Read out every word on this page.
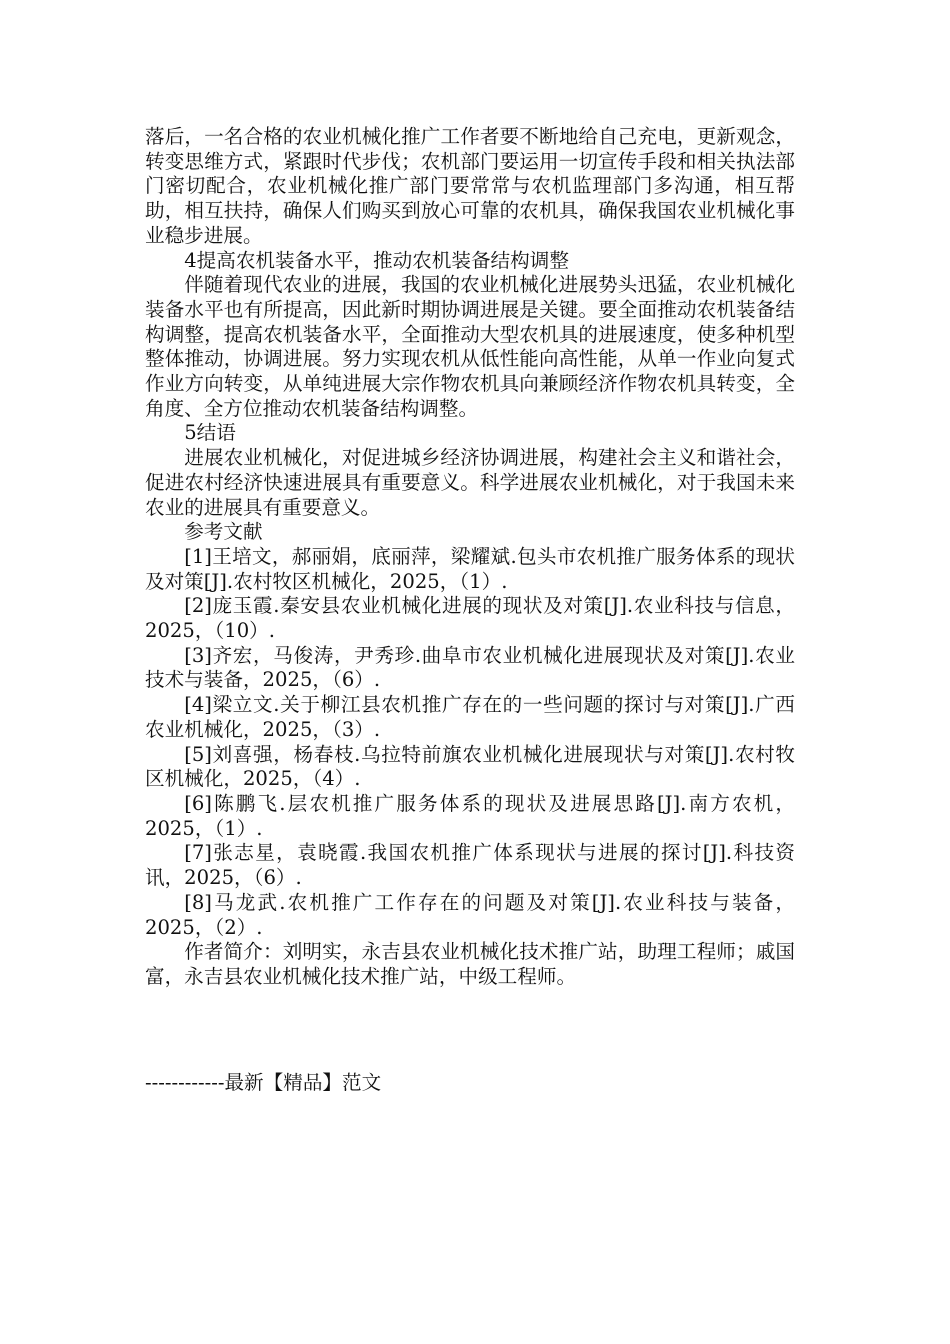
落后，一名合格的农业机械化推广工作者要不断地给自己充电，更新观念，转变思维方式，紧跟时代步伐；农机部门要运用一切宣传手段和相关执法部门密切配合，农业机械化推广部门要常常与农机监理部门多沟通，相互帮助，相互扶持，确保人们购买到放心可靠的农机具，确保我国农业机械化事业稳步进展。

4提高农机装备水平，推动农机装备结构调整

伴随着现代农业的进展，我国的农业机械化进展势头迅猛，农业机械化装备水平也有所提高，因此新时期协调进展是关键。要全面推动农机装备结构调整，提高农机装备水平，全面推动大型农机具的进展速度，使多种机型整体推动，协调进展。努力实现农机从低性能向高性能，从单一作业向复式作业方向转变，从单纯进展大宗作物农机具向兼顾经济作物农机具转变，全角度、全方位推动农机装备结构调整。

5结语

进展农业机械化，对促进城乡经济协调进展，构建社会主义和谐社会，促进农村经济快速进展具有重要意义。科学进展农业机械化，对于我国未来农业的进展具有重要意义。

参考文献

[1]王培文，郝丽娟，底丽萍，梁耀斌.包头市农机推广服务体系的现状及对策[J].农村牧区机械化，2025，（1）.

[2]庞玉霞.秦安县农业机械化进展的现状及对策[J].农业科技与信息，2025，（10）.

[3]齐宏，马俊涛，尹秀珍.曲阜市农业机械化进展现状及对策[J].农业技术与装备，2025，（6）.

[4]梁立文.关于柳江县农机推广存在的一些问题的探讨与对策[J].广西农业机械化，2025，（3）.

[5]刘喜强，杨春枝.乌拉特前旗农业机械化进展现状与对策[J].农村牧区机械化，2025，（4）.

[6]陈鹏飞.层农机推广服务体系的现状及进展思路[J].南方农机， 2025，（1）.

[7]张志星，袁晓霞.我国农机推广体系现状与进展的探讨[J].科技资讯，2025，（6）.

[8]马龙武.农机推广工作存在的问题及对策[J].农业科技与装备，2025，（2）.

作者简介：刘明实，永吉县农业机械化技术推广站，助理工程师；戚国富，永吉县农业机械化技术推广站，中级工程师。

------------最新【精品】范文
